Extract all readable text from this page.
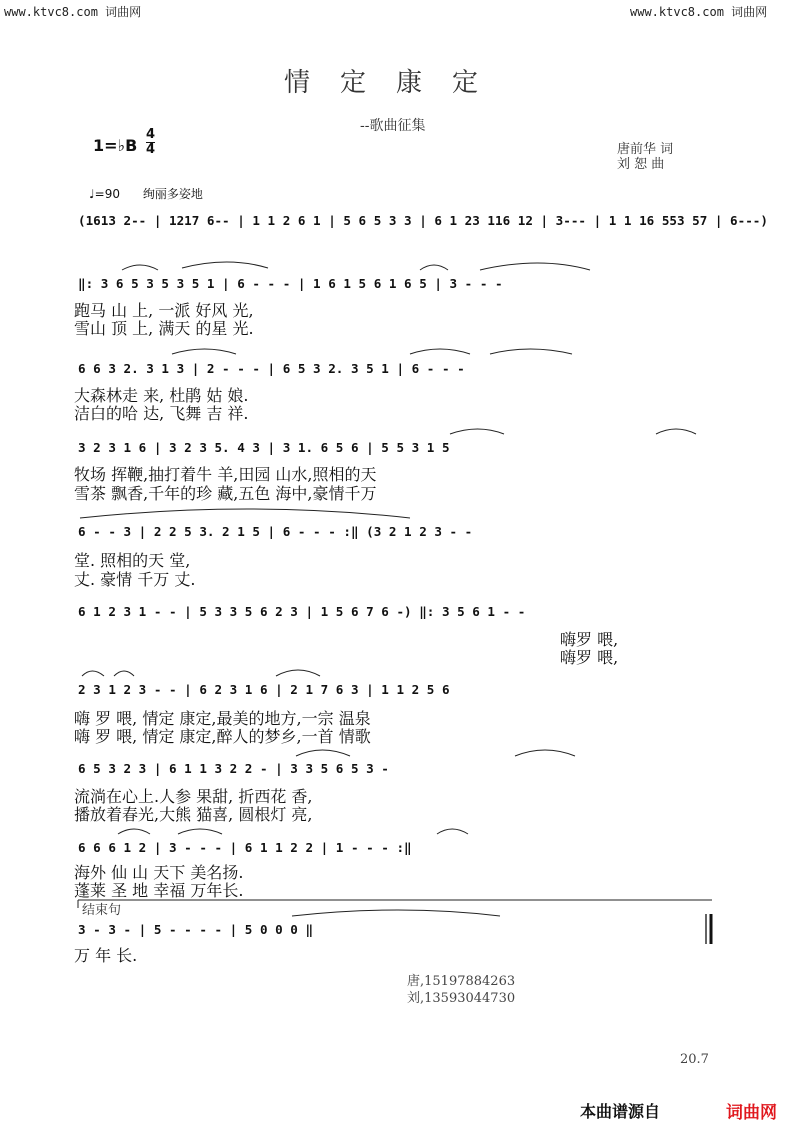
www.ktvc8.com 词曲网	www.ktvc8.com 词曲网
情定康定
--歌曲征集
1=♭B
4
4	唐前华 词
刘 恕 曲
♩=90 绚丽多姿地
(1613 2-- | 1217 6-- | 1 1 2 6 1 | 5 6 5 3 3 | 6 1 23 116 12 | 3--- | 1 1 16 553 57 | 6---)
‖: 3 6 5 3 5 3 5 1 | 6 - - - | 1 6 1 5 6 1 6 5 | 3 - - -
跑马 山 上, 一派 好风 光,
雪山 顶 上, 满天 的星 光.
6 6 3 2. 3 1 3 | 2 - - - | 6 5 3 2. 3 5 1 | 6 - - -
大森林走 来, 杜鹃 姑 娘.
洁白的哈 达, 飞舞 吉 祥.
3 2 3 1 6 | 3 2 3 5. 4 3 | 3 1. 6 5 6 | 5 5 3 1 5
牧场 挥鞭,抽打着牛 羊,田园 山水,照相的天
雪茶 飘香,千年的珍 藏,五色 海中,豪情千万
6 - - 3 | 2 2 5 3. 2 1 5 | 6 - - - :‖ (3 2 1 2 3 - -
堂. 照相的天 堂,
丈. 豪情 千万 丈.
6 1 2 3 1 - - | 5 3 3 5 6 2 3 | 1 5 6 7 6 -) ‖: 3 5 6 1 - -
嗨罗 喂,
嗨罗 喂,
2 3 1 2 3 - - | 6 2 3 1 6 | 2 1 7 6 3 | 1 1 2 5 6
嗨 罗 喂, 情定 康定,最美的地方,一宗 温泉
嗨 罗 喂, 情定 康定,醉人的梦乡,一首 情歌
6 5 3 2 3 | 6 1 1 3 2 2 - | 3 3 5 6 5 3 -
流淌在心上.人参 果甜, 折西花 香,
播放着春光,大熊 猫喜, 圆根灯 亮,
6 6 6 1 2 | 3 - - - | 6 1 1 2 2 | 1 - - - :‖
海外 仙 山 天下 美名扬.
蓬莱 圣 地 幸福 万年长.
结束句
3 - 3 - | 5 - - - - | 5 0 0 0 ‖
万 年 长.
唐,15197884263
刘,13593044730
20.7
本曲谱源自	词曲网
